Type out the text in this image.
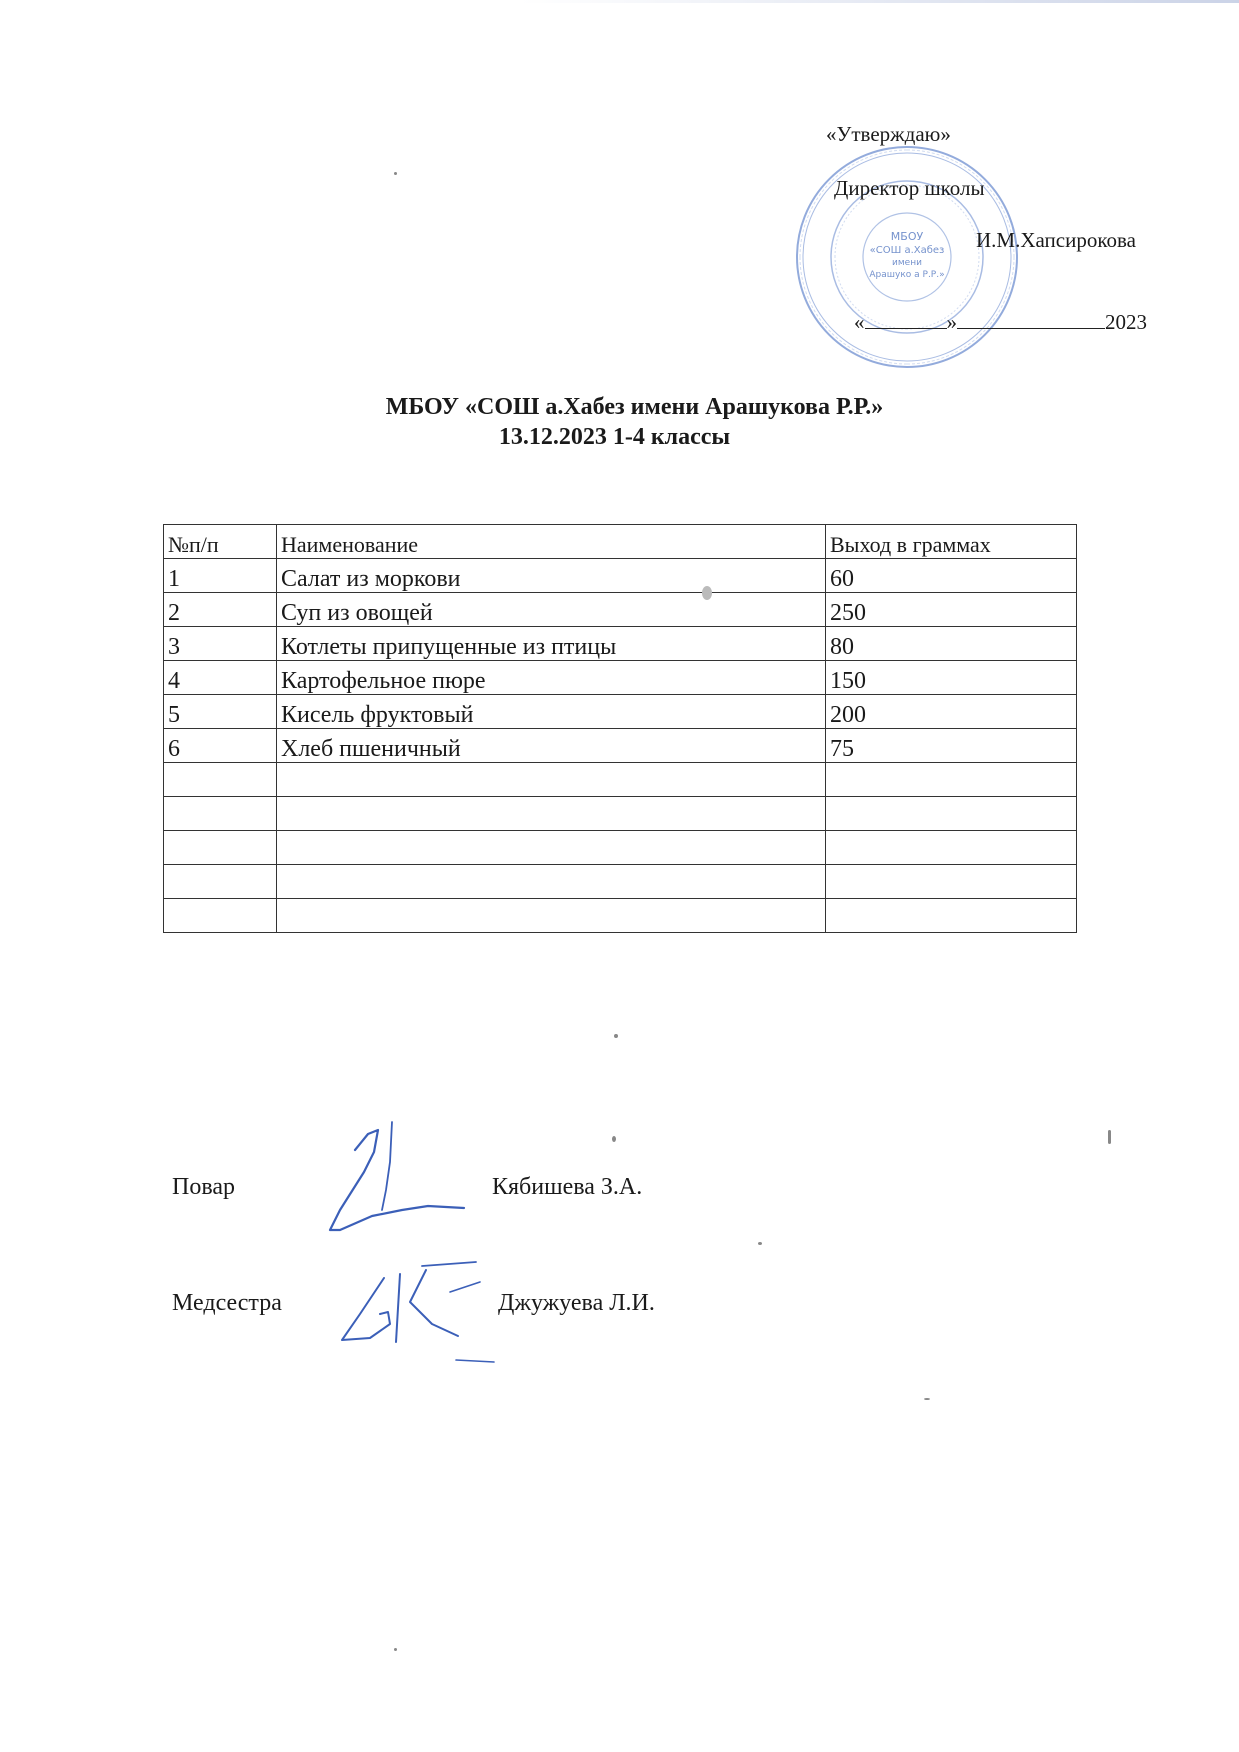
МБОУ
«СОШ а.Хабез
имени
Арашуко а Р.Р.»
«Утверждаю»
Директор школы
И.М.Хапсирокова
«	»	2023
МБОУ «СОШ а.Хабез имени Арашукова Р.Р.»
13.12.2023 1-4 классы
№п/п	Наименование	Выход в граммах
1	Салат из моркови	60
2	Суп из овощей	250
3	Котлеты припущенные из птицы	80
4	Картофельное пюре	150
5	Кисель фруктовый	200
6	Хлеб пшеничный	75

Повар	Кябишева З.А.
Медсестра	Джужуева Л.И.
